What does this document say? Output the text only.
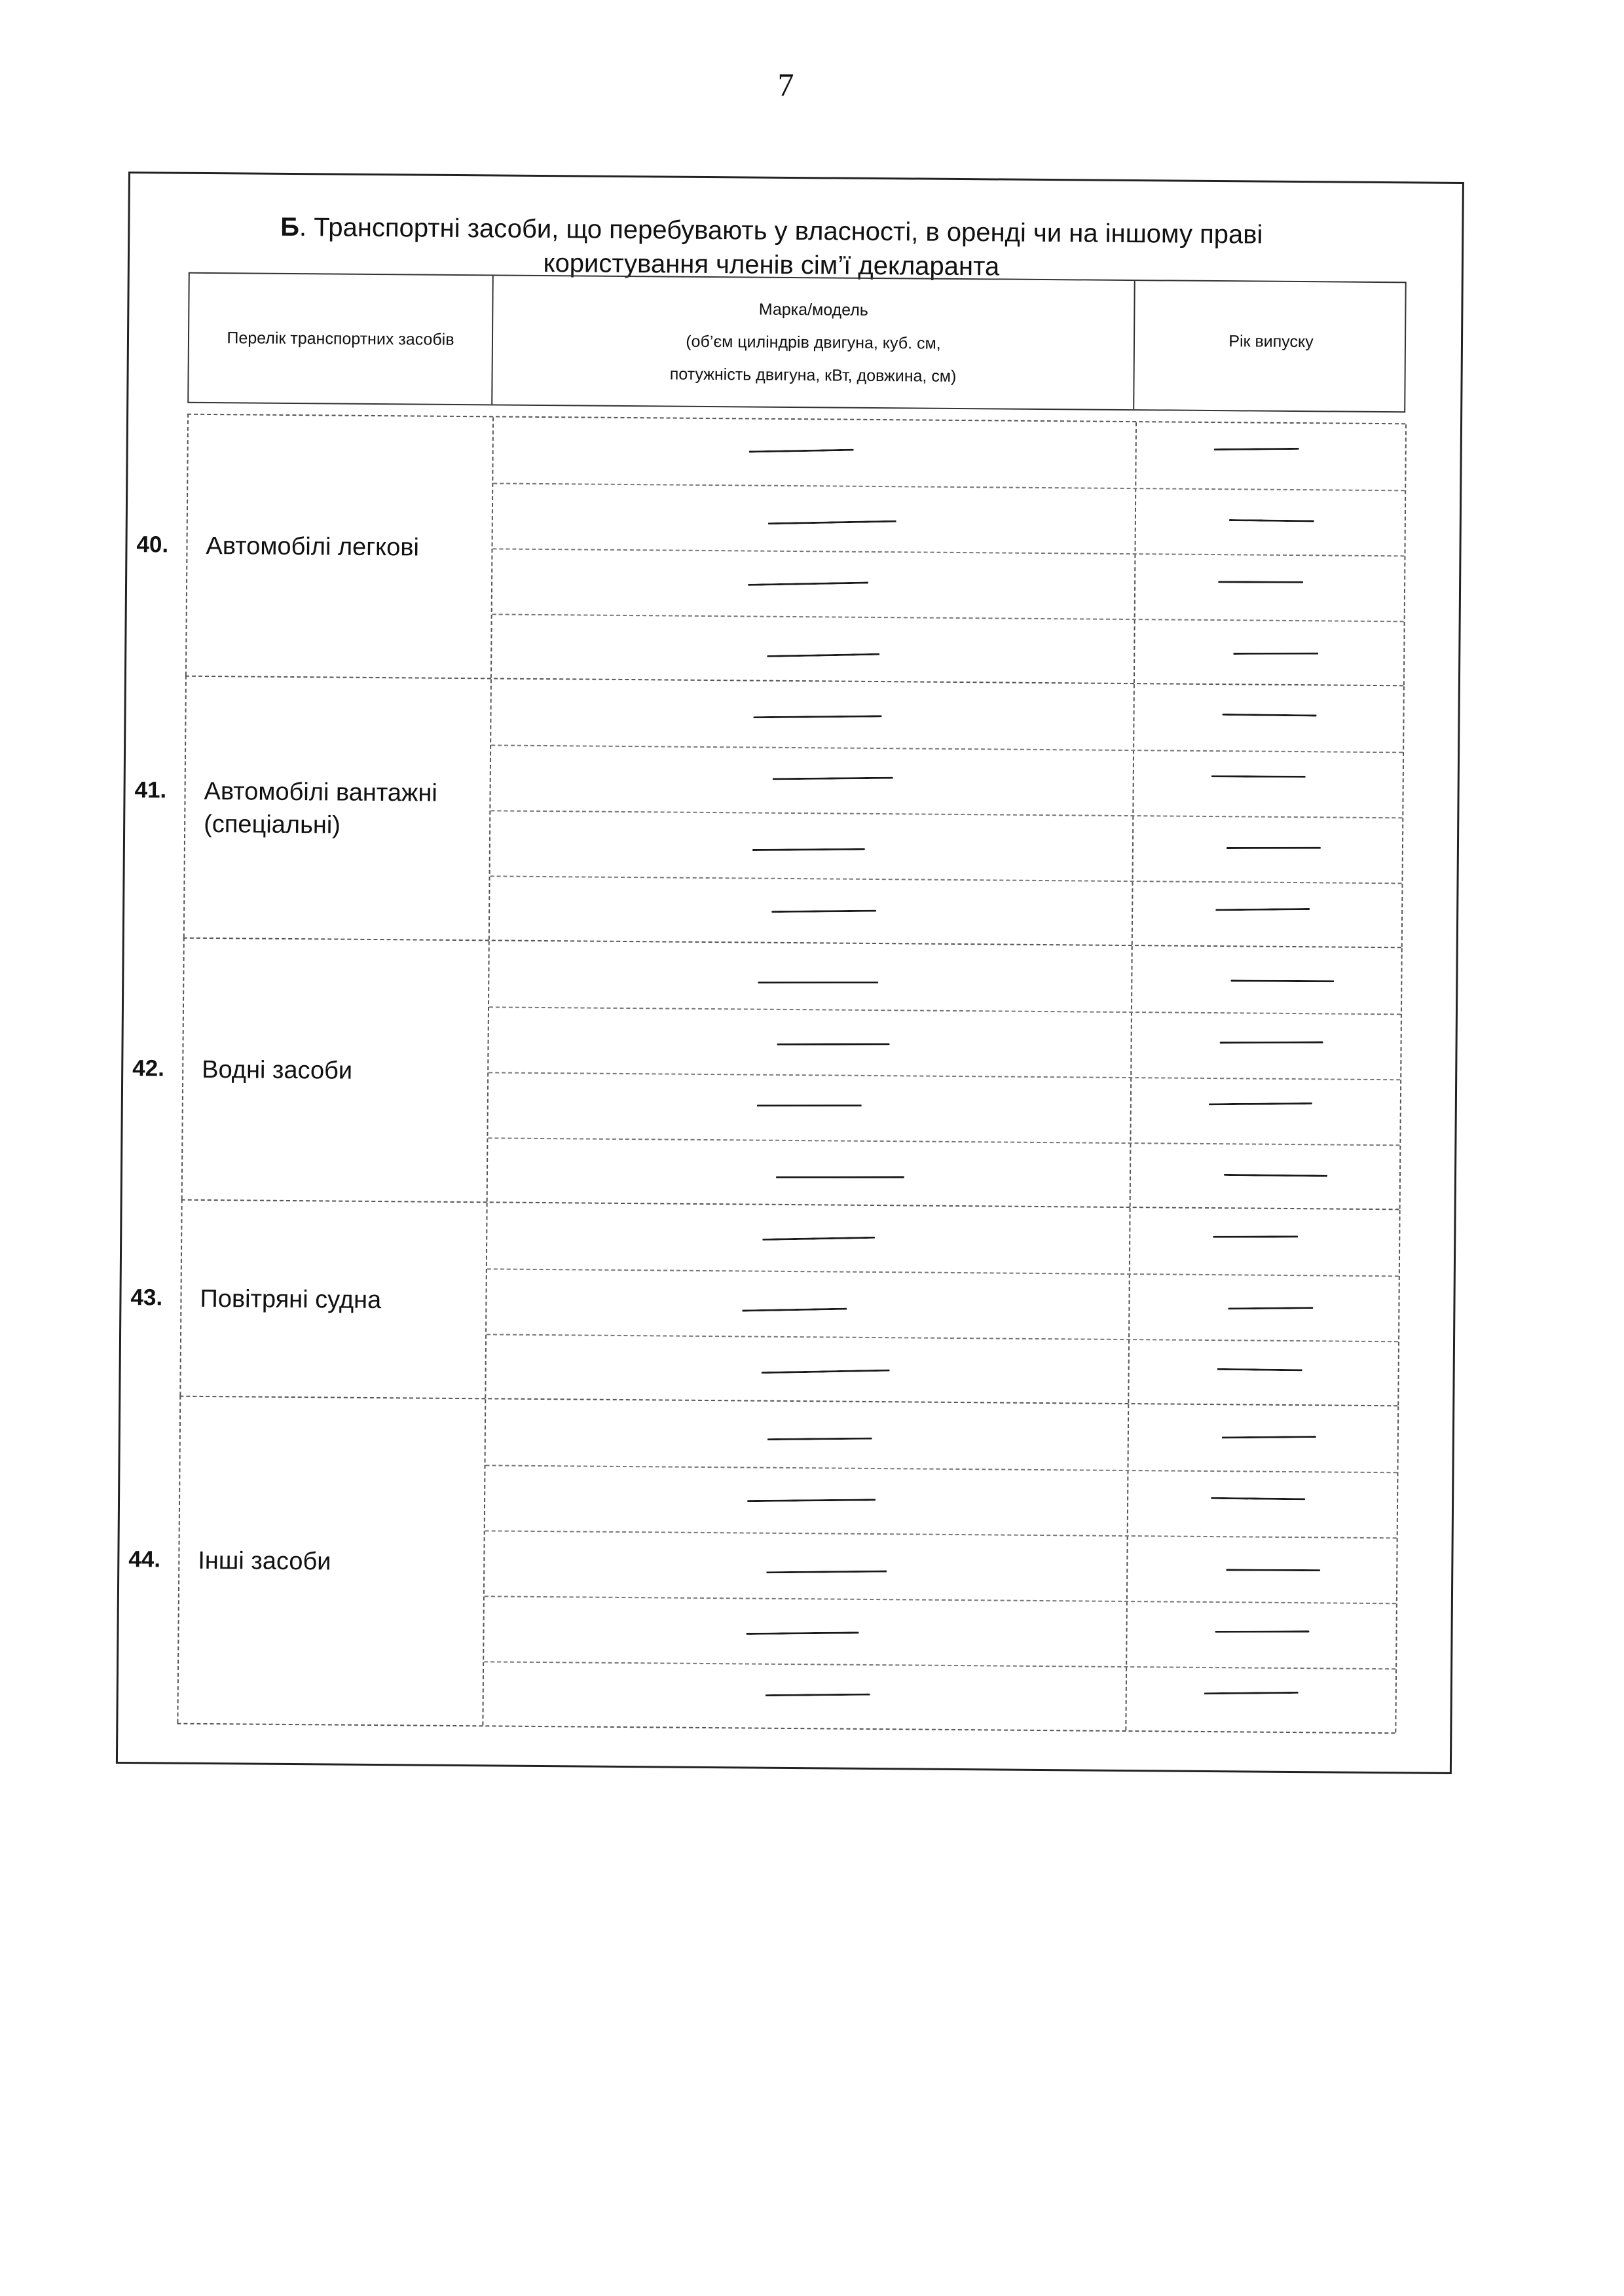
7
Б. Транспортні засоби, що перебувають у власності, в оренді чи на іншому праві
користування членів сім’ї декларанта
Перелік транспортних засобів
Марка/модель
(об’єм циліндрів двигуна, куб. см,
потужність двигуна, кВт, довжина, см)
Рік випуску
40. Автомобілі легкові

41. Автомобілі вантажні
(спеціальні)
42. Водні засоби

43. Повітряні судна

44. Інші засоби
